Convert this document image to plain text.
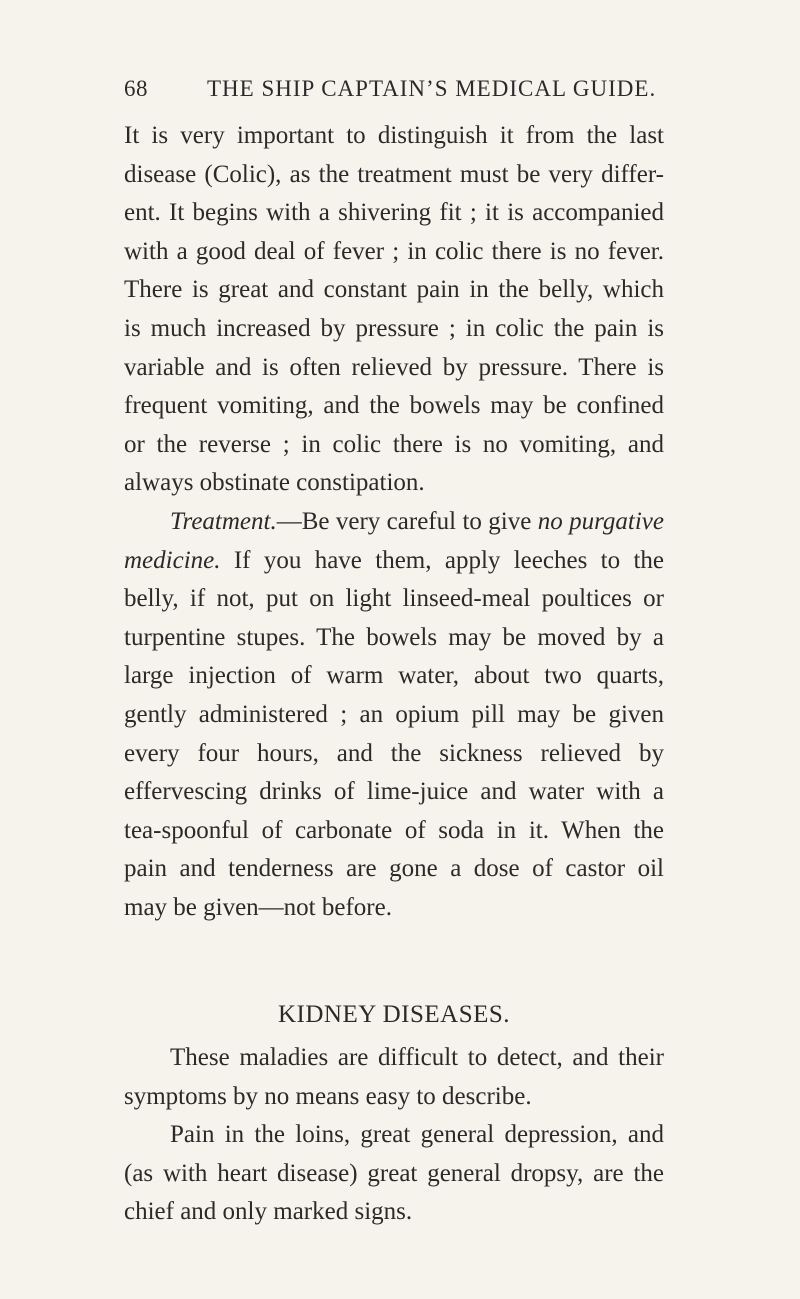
68	THE SHIP CAPTAIN’S MEDICAL GUIDE.
It is very important to distinguish it from the last
disease (Colic), as the treatment must be very differ-
ent. It begins with a shivering fit ; it is accompanied
with a good deal of fever ; in colic there is no fever.
There is great and constant pain in the belly, which
is much increased by pressure ; in colic the pain is
variable and is often relieved by pressure. There is
frequent vomiting, and the bowels may be confined
or the reverse ; in colic there is no vomiting, and
always obstinate constipation.
Treatment.—Be very careful to give no purgative
medicine. If you have them, apply leeches to the
belly, if not, put on light linseed-meal poultices or
turpentine stupes. The bowels may be moved by a
large injection of warm water, about two quarts,
gently administered ; an opium pill may be given
every four hours, and the sickness relieved by
effervescing drinks of lime-juice and water with a
tea-spoonful of carbonate of soda in it. When the
pain and tenderness are gone a dose of castor oil
may be given—not before.
KIDNEY DISEASES.
These maladies are difficult to detect, and their
symptoms by no means easy to describe.
Pain in the loins, great general depression, and
(as with heart disease) great general dropsy, are the
chief and only marked signs.
